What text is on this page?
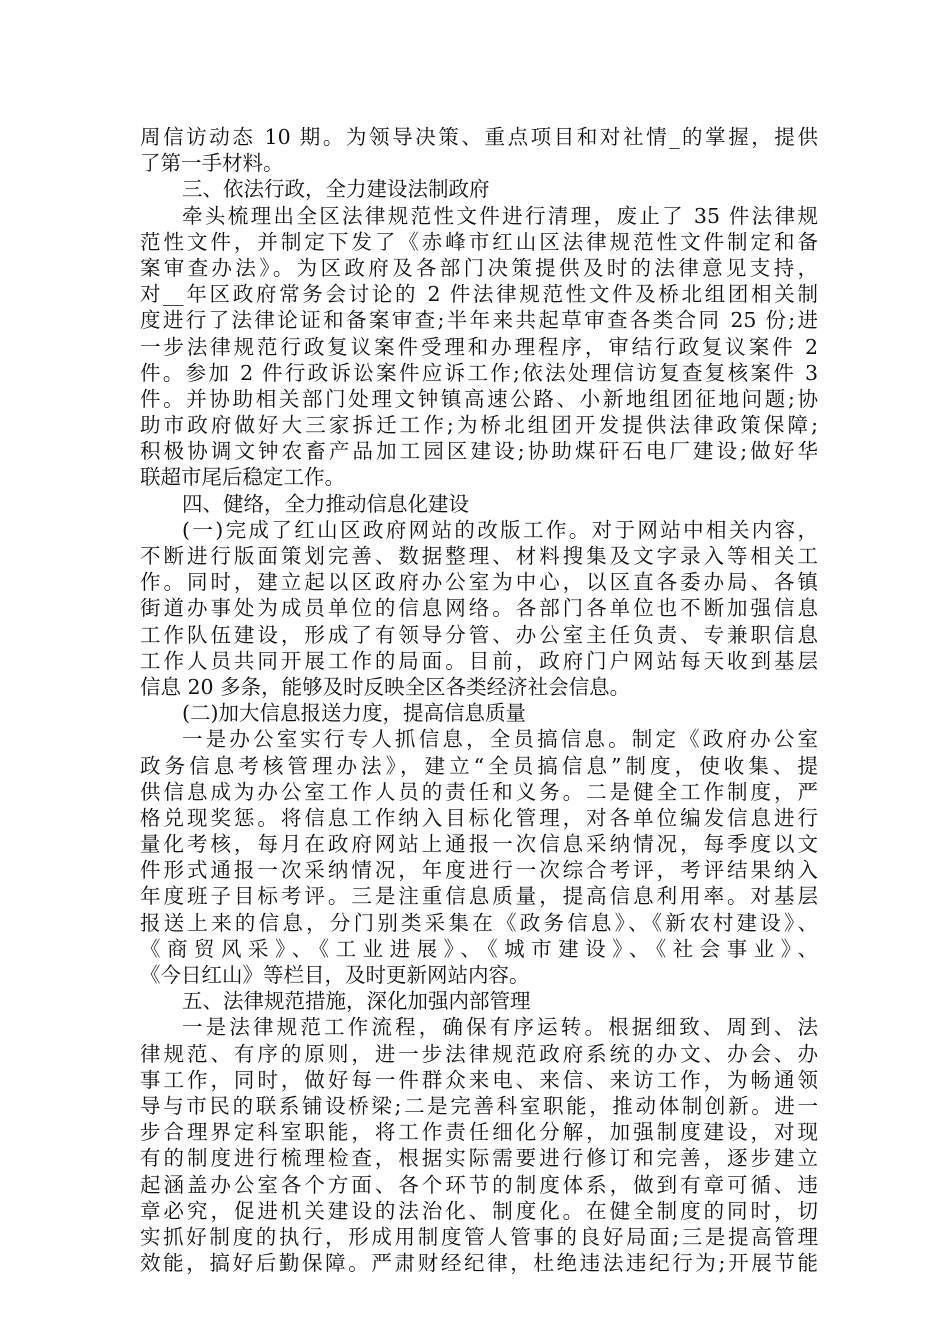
周信访动态 10 期。为领导决策、重点项目和对社情_的掌握，提供
了第一手材料。
三、依法行政，全力建设法制政府
牵头梳理出全区法律规范性文件进行清理，废止了 35 件法律规
范性文件，并制定下发了《赤峰市红山区法律规范性文件制定和备
案审查办法》。为区政府及各部门决策提供及时的法律意见支持，
对__年区政府常务会讨论的 2 件法律规范性文件及桥北组团相关制
度进行了法律论证和备案审查;半年来共起草审查各类合同 25 份;进
一步法律规范行政复议案件受理和办理程序，审结行政复议案件 2
件。参加 2 件行政诉讼案件应诉工作;依法处理信访复查复核案件 3
件。并协助相关部门处理文钟镇高速公路、小新地组团征地问题;协
助市政府做好大三家拆迁工作;为桥北组团开发提供法律政策保障;
积极协调文钟农畜产品加工园区建设;协助煤矸石电厂建设;做好华
联超市尾后稳定工作。
四、健络，全力推动信息化建设
(一)完成了红山区政府网站的改版工作。对于网站中相关内容，
不断进行版面策划完善、数据整理、材料搜集及文字录入等相关工
作。同时，建立起以区政府办公室为中心，以区直各委办局、各镇
街道办事处为成员单位的信息网络。各部门各单位也不断加强信息
工作队伍建设，形成了有领导分管、办公室主任负责、专兼职信息
工作人员共同开展工作的局面。目前，政府门户网站每天收到基层
信息 20 多条，能够及时反映全区各类经济社会信息。
(二)加大信息报送力度，提高信息质量
一是办公室实行专人抓信息，全员搞信息。制定《政府办公室
政务信息考核管理办法》，建立“全员搞信息”制度，使收集、提
供信息成为办公室工作人员的责任和义务。二是健全工作制度，严
格兑现奖惩。将信息工作纳入目标化管理，对各单位编发信息进行
量化考核，每月在政府网站上通报一次信息采纳情况，每季度以文
件形式通报一次采纳情况，年度进行一次综合考评，考评结果纳入
年度班子目标考评。三是注重信息质量，提高信息利用率。对基层
报送上来的信息，分门别类采集在《政务信息》、《新农村建设》、
《商贸风采》、《工业进展》、《城市建设》、《社会事业》、
《今日红山》等栏目，及时更新网站内容。
五、法律规范措施，深化加强内部管理
一是法律规范工作流程，确保有序运转。根据细致、周到、法
律规范、有序的原则，进一步法律规范政府系统的办文、办会、办
事工作，同时，做好每一件群众来电、来信、来访工作，为畅通领
导与市民的联系铺设桥梁;二是完善科室职能，推动体制创新。进一
步合理界定科室职能，将工作责任细化分解，加强制度建设，对现
有的制度进行梳理检查，根据实际需要进行修订和完善，逐步建立
起涵盖办公室各个方面、各个环节的制度体系，做到有章可循、违
章必究，促进机关建设的法治化、制度化。在健全制度的同时，切
实抓好制度的执行，形成用制度管人管事的良好局面;三是提高管理
效能，搞好后勤保障。严肃财经纪律，杜绝违法违纪行为;开展节能
